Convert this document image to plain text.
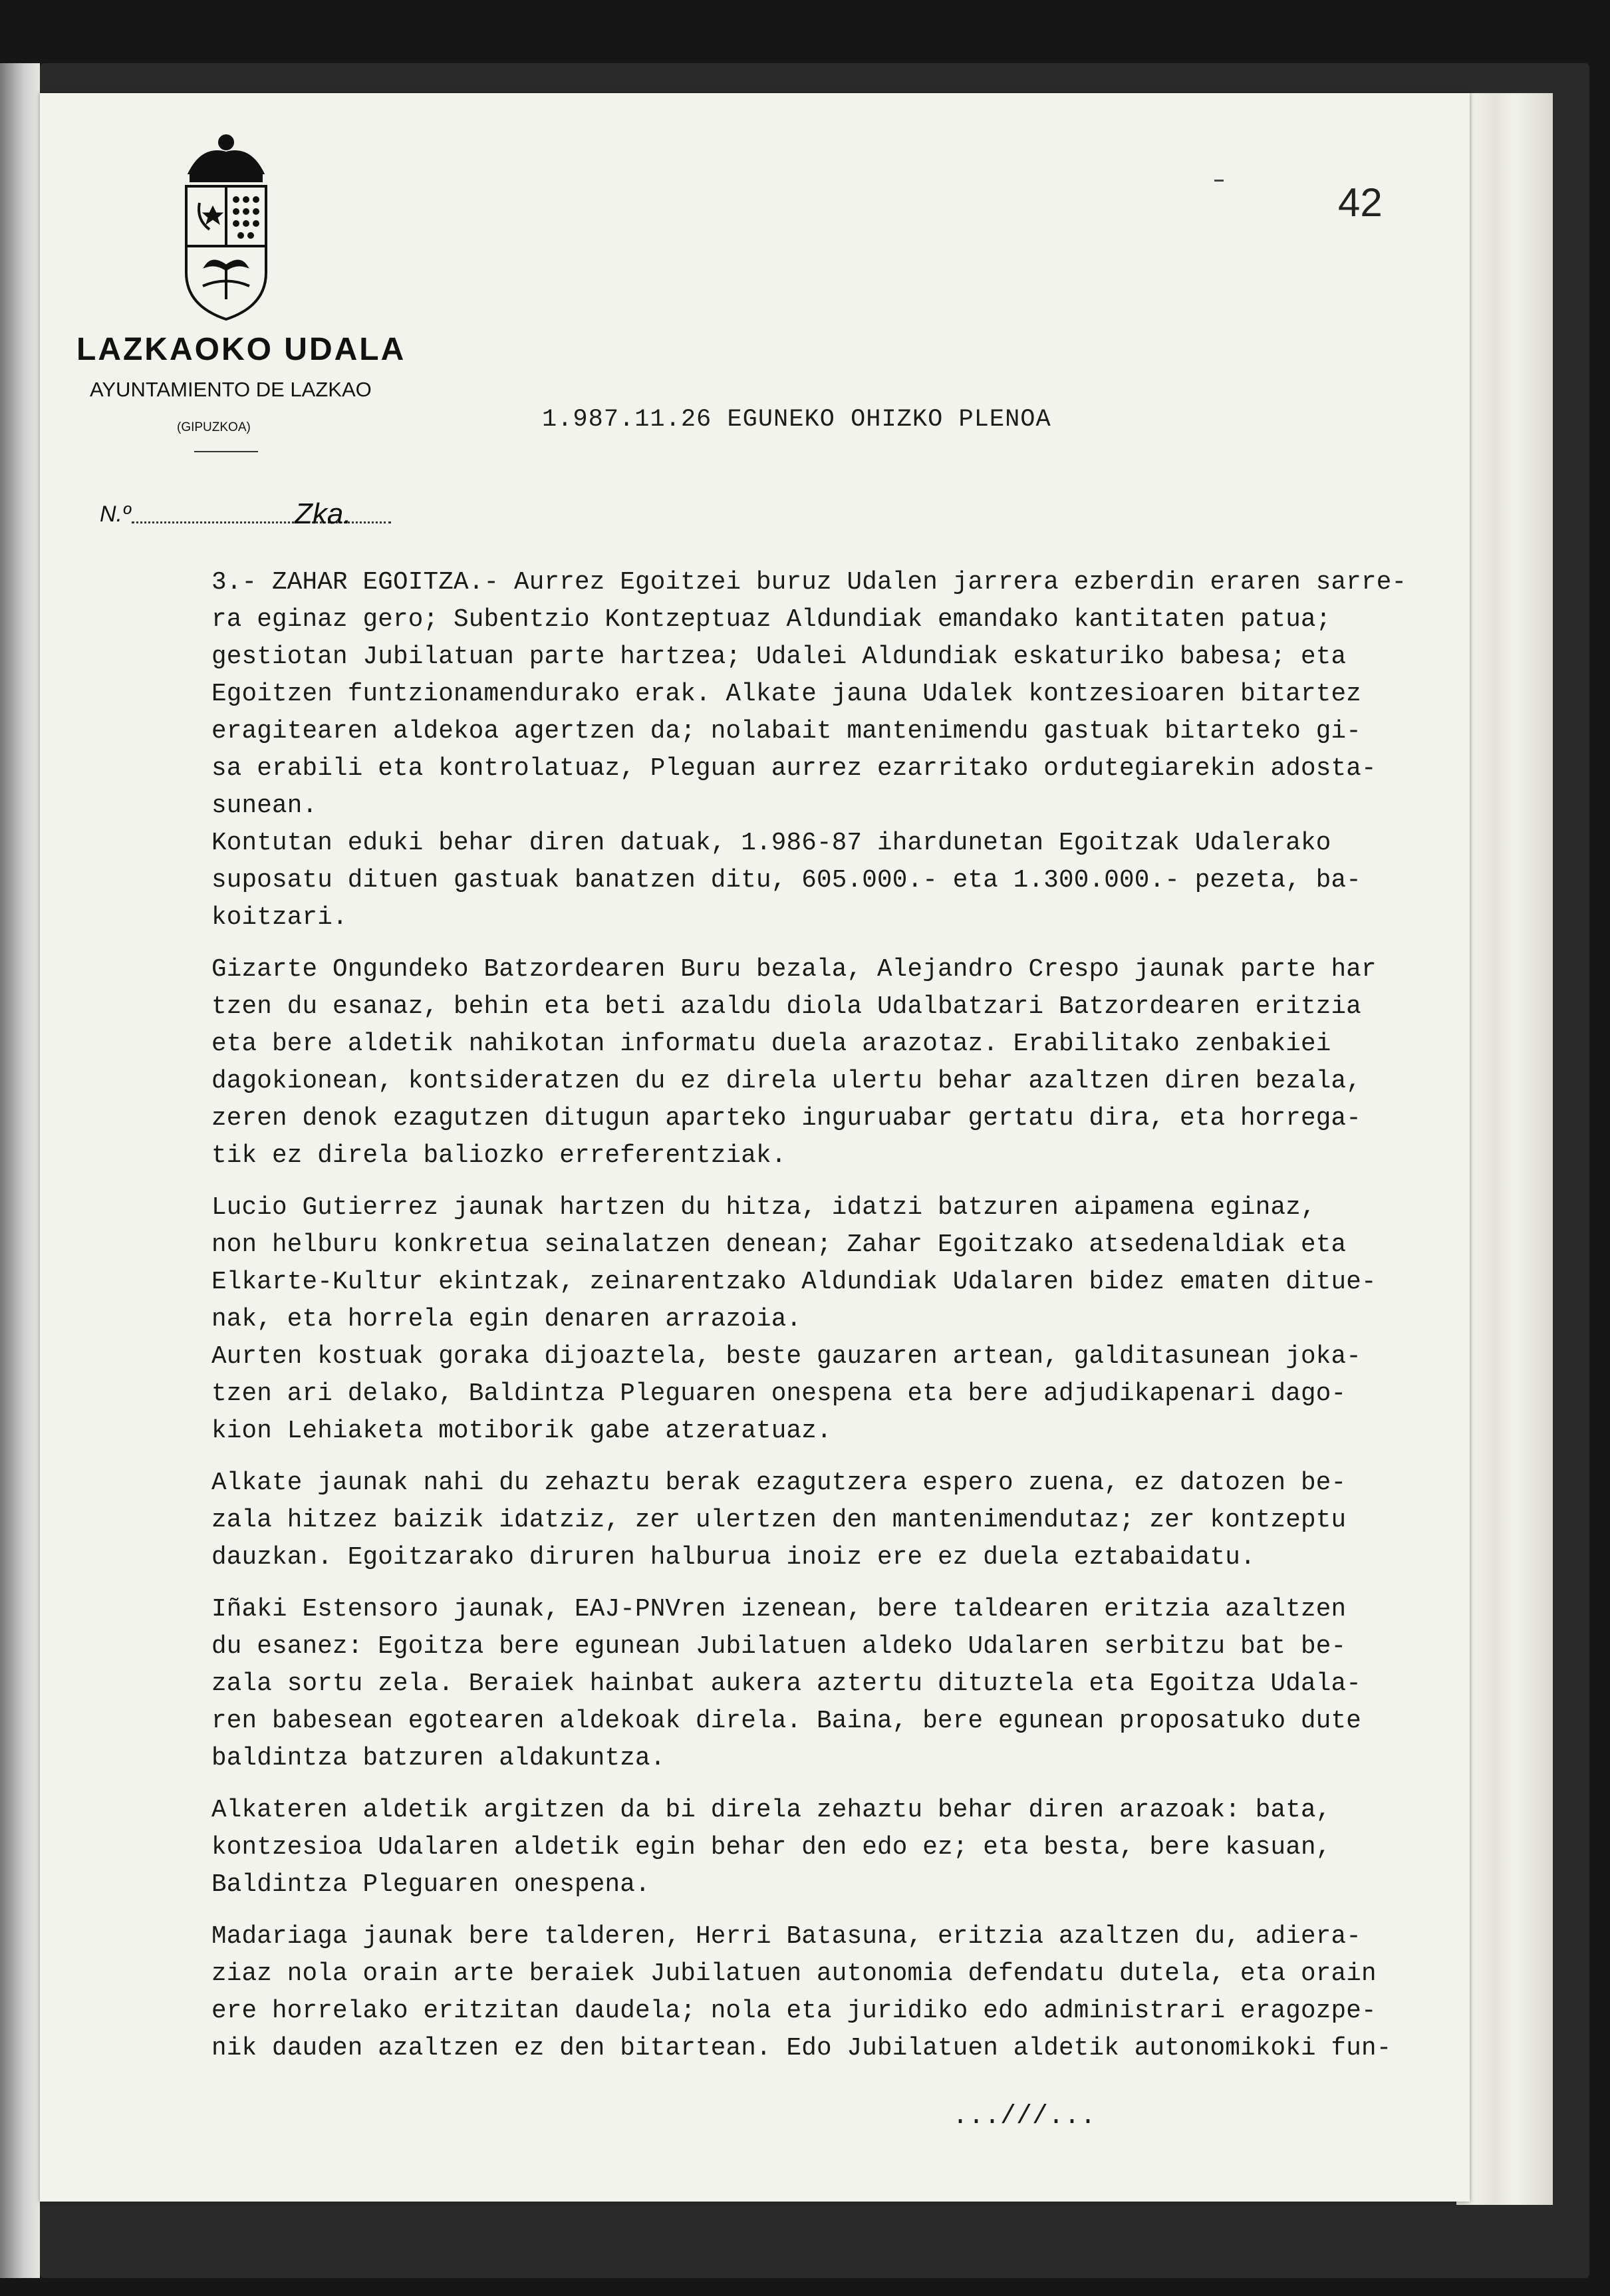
LAZKAOKO UDALA
AYUNTAMIENTO DE LAZKAO
(GIPUZKOA)
N.º	Zka.
42
1.987.11.26 EGUNEKO OHIZKO PLENOA
3.- ZAHAR EGOITZA.- Aurrez Egoitzei buruz Udalen jarrera ezberdin eraren sarre-
ra eginaz gero; Subentzio Kontzeptuaz Aldundiak emandako kantitaten patua;
gestiotan Jubilatuan parte hartzea; Udalei Aldundiak eskaturiko babesa; eta
Egoitzen funtzionamendurako erak. Alkate jauna Udalek kontzesioaren bitartez
eragitearen aldekoa agertzen da; nolabait mantenimendu gastuak bitarteko gi-
sa erabili eta kontrolatuaz, Pleguan aurrez ezarritako ordutegiarekin adosta-
sunean.
Kontutan eduki behar diren datuak, 1.986-87 ihardunetan Egoitzak Udalerako
suposatu dituen gastuak banatzen ditu, 605.000.- eta 1.300.000.- pezeta, ba-
koitzari.
Gizarte Ongundeko Batzordearen Buru bezala, Alejandro Crespo jaunak parte har
tzen du esanaz, behin eta beti azaldu diola Udalbatzari Batzordearen eritzia
eta bere aldetik nahikotan informatu duela arazotaz. Erabilitako zenbakiei
dagokionean, kontsideratzen du ez direla ulertu behar azaltzen diren bezala,
zeren denok ezagutzen ditugun aparteko inguruabar gertatu dira, eta horrega-
tik ez direla baliozko erreferentziak.
Lucio Gutierrez jaunak hartzen du hitza, idatzi batzuren aipamena eginaz,
non helburu konkretua seinalatzen denean; Zahar Egoitzako atsedenaldiak eta
Elkarte-Kultur ekintzak, zeinarentzako Aldundiak Udalaren bidez ematen ditue-
nak, eta horrela egin denaren arrazoia.
Aurten kostuak goraka dijoaztela, beste gauzaren artean, galditasunean joka-
tzen ari delako, Baldintza Pleguaren onespena eta bere adjudikapenari dago-
kion Lehiaketa motiborik gabe atzeratuaz.
Alkate jaunak nahi du zehaztu berak ezagutzera espero zuena, ez datozen be-
zala hitzez baizik idatziz, zer ulertzen den mantenimendutaz; zer kontzeptu
dauzkan. Egoitzarako diruren halburua inoiz ere ez duela eztabaidatu.
Iñaki Estensoro jaunak, EAJ-PNVren izenean, bere taldearen eritzia azaltzen
du esanez: Egoitza bere egunean Jubilatuen aldeko Udalaren serbitzu bat be-
zala sortu zela. Beraiek hainbat aukera aztertu dituztela eta Egoitza Udala-
ren babesean egotearen aldekoak direla. Baina, bere egunean proposatuko dute
baldintza batzuren aldakuntza.
Alkateren aldetik argitzen da bi direla zehaztu behar diren arazoak: bata,
kontzesioa Udalaren aldetik egin behar den edo ez; eta besta, bere kasuan,
Baldintza Pleguaren onespena.
Madariaga jaunak bere talderen, Herri Batasuna, eritzia azaltzen du, adiera-
ziaz nola orain arte beraiek Jubilatuen autonomia defendatu dutela, eta orain
ere horrelako eritzitan daudela; nola eta juridiko edo administrari eragozpe-
nik dauden azaltzen ez den bitartean. Edo Jubilatuen aldetik autonomikoki fun-
...///...
